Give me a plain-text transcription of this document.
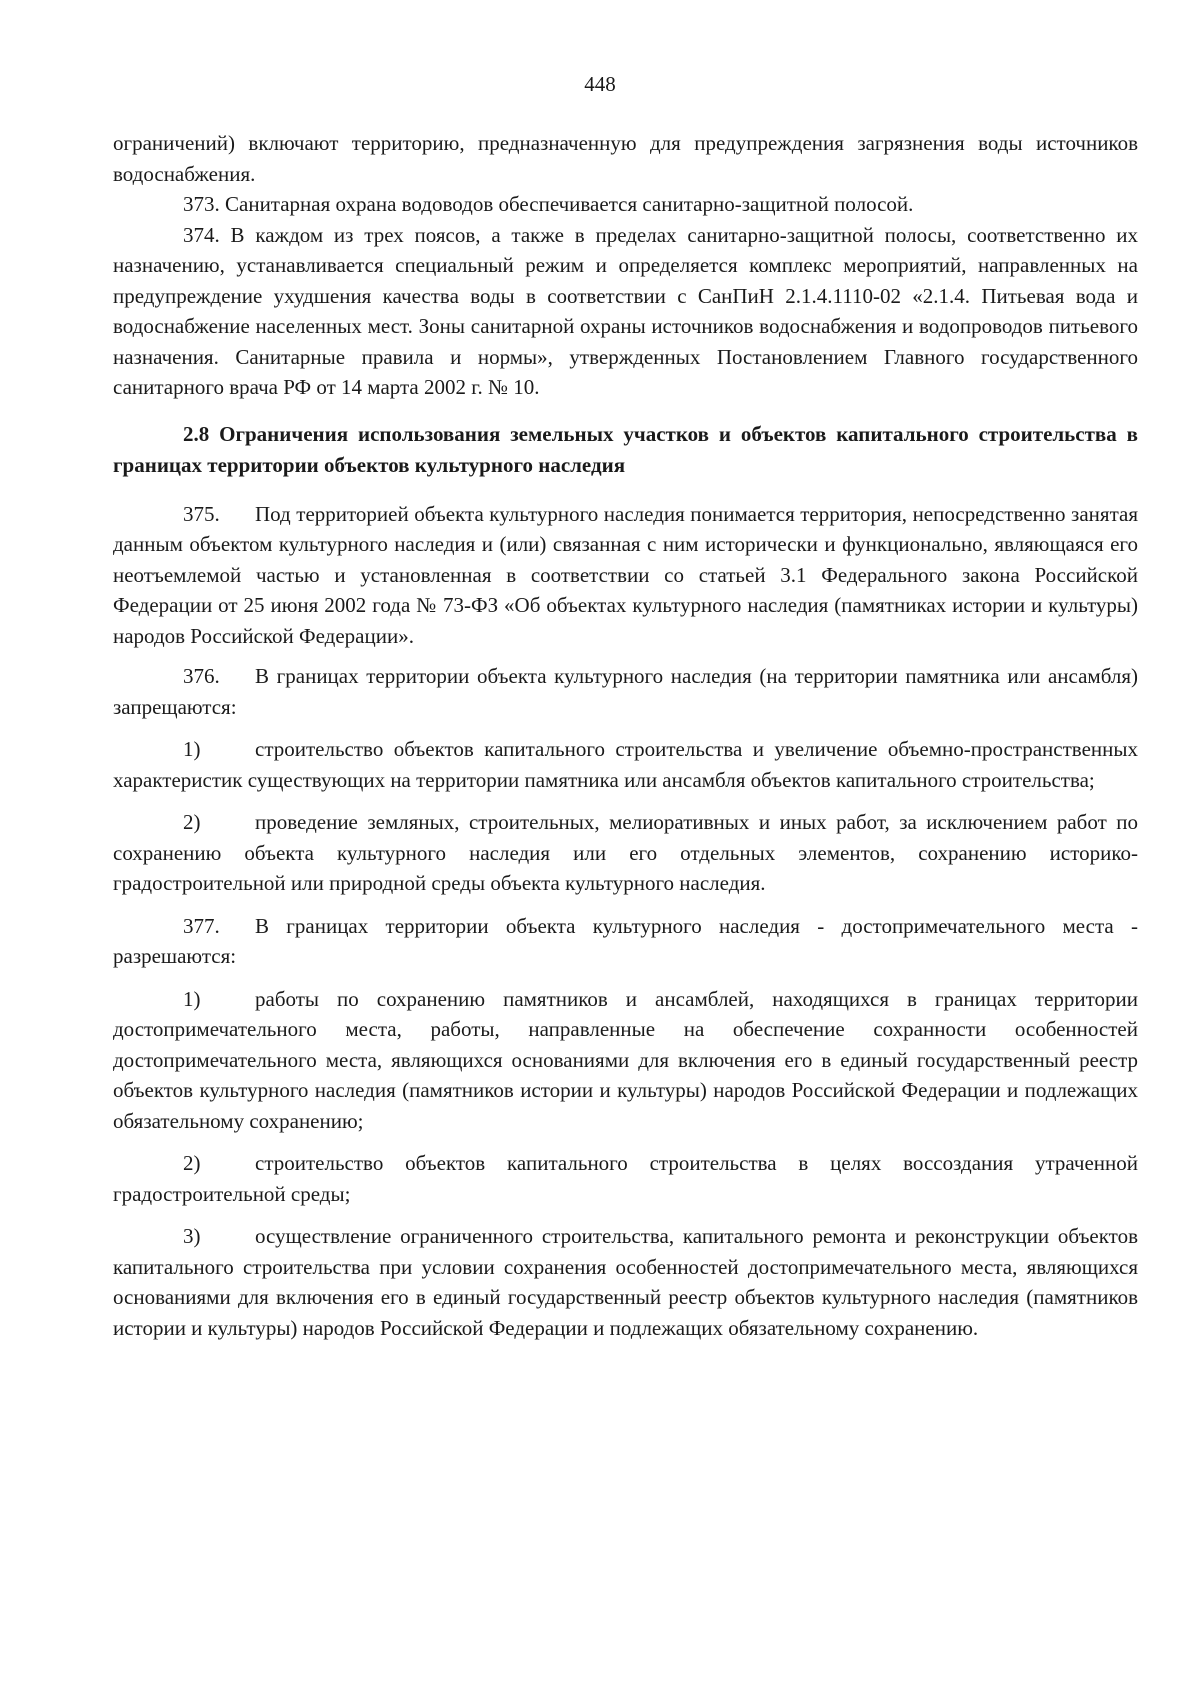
448

ограничений) включают территорию, предназначенную для предупреждения загрязнения воды источников водоснабжения.

373. Санитарная охрана водоводов обеспечивается санитарно-защитной полосой.

374. В каждом из трех поясов, а также в пределах санитарно-защитной полосы, соответственно их назначению, устанавливается специальный режим и определяется комплекс мероприятий, направленных на предупреждение ухудшения качества воды в соответствии с СанПиН 2.1.4.1110-02 «2.1.4. Питьевая вода и водоснабжение населенных мест. Зоны санитарной охраны источников водоснабжения и водопроводов питьевого назначения. Санитарные правила и нормы», утвержденных Постановлением Главного государственного санитарного врача РФ от 14 марта 2002 г. № 10.

2.8 Ограничения использования земельных участков и объектов капитального строительства в границах территории объектов культурного наследия

375. Под территорией объекта культурного наследия понимается территория, непосредственно занятая данным объектом культурного наследия и (или) связанная с ним исторически и функционально, являющаяся его неотъемлемой частью и установленная в соответствии со статьей 3.1 Федерального закона Российской Федерации от 25 июня 2002 года № 73-ФЗ «Об объектах культурного наследия (памятниках истории и культуры) народов Российской Федерации».

376. В границах территории объекта культурного наследия (на территории памятника или ансамбля) запрещаются:

1)	строительство объектов капитального строительства и увеличение объемно-пространственных характеристик существующих на территории памятника или ансамбля объектов капитального строительства;

2)	проведение земляных, строительных, мелиоративных и иных работ, за исключением работ по сохранению объекта культурного наследия или его отдельных элементов, сохранению историко-градостроительной или природной среды объекта культурного наследия.

377. В границах территории объекта культурного наследия - достопримечательного места - разрешаются:

1)	работы по сохранению памятников и ансамблей, находящихся в границах территории достопримечательного места, работы, направленные на обеспечение сохранности особенностей достопримечательного места, являющихся основаниями для включения его в единый государственный реестр объектов культурного наследия (памятников истории и культуры) народов Российской Федерации и подлежащих обязательному сохранению;

2)	строительство объектов капитального строительства в целях воссоздания утраченной градостроительной среды;

3)	осуществление ограниченного строительства, капитального ремонта и реконструкции объектов капитального строительства при условии сохранения особенностей достопримечательного места, являющихся основаниями для включения его в единый государственный реестр объектов культурного наследия (памятников истории и культуры) народов Российской Федерации и подлежащих обязательному сохранению.
